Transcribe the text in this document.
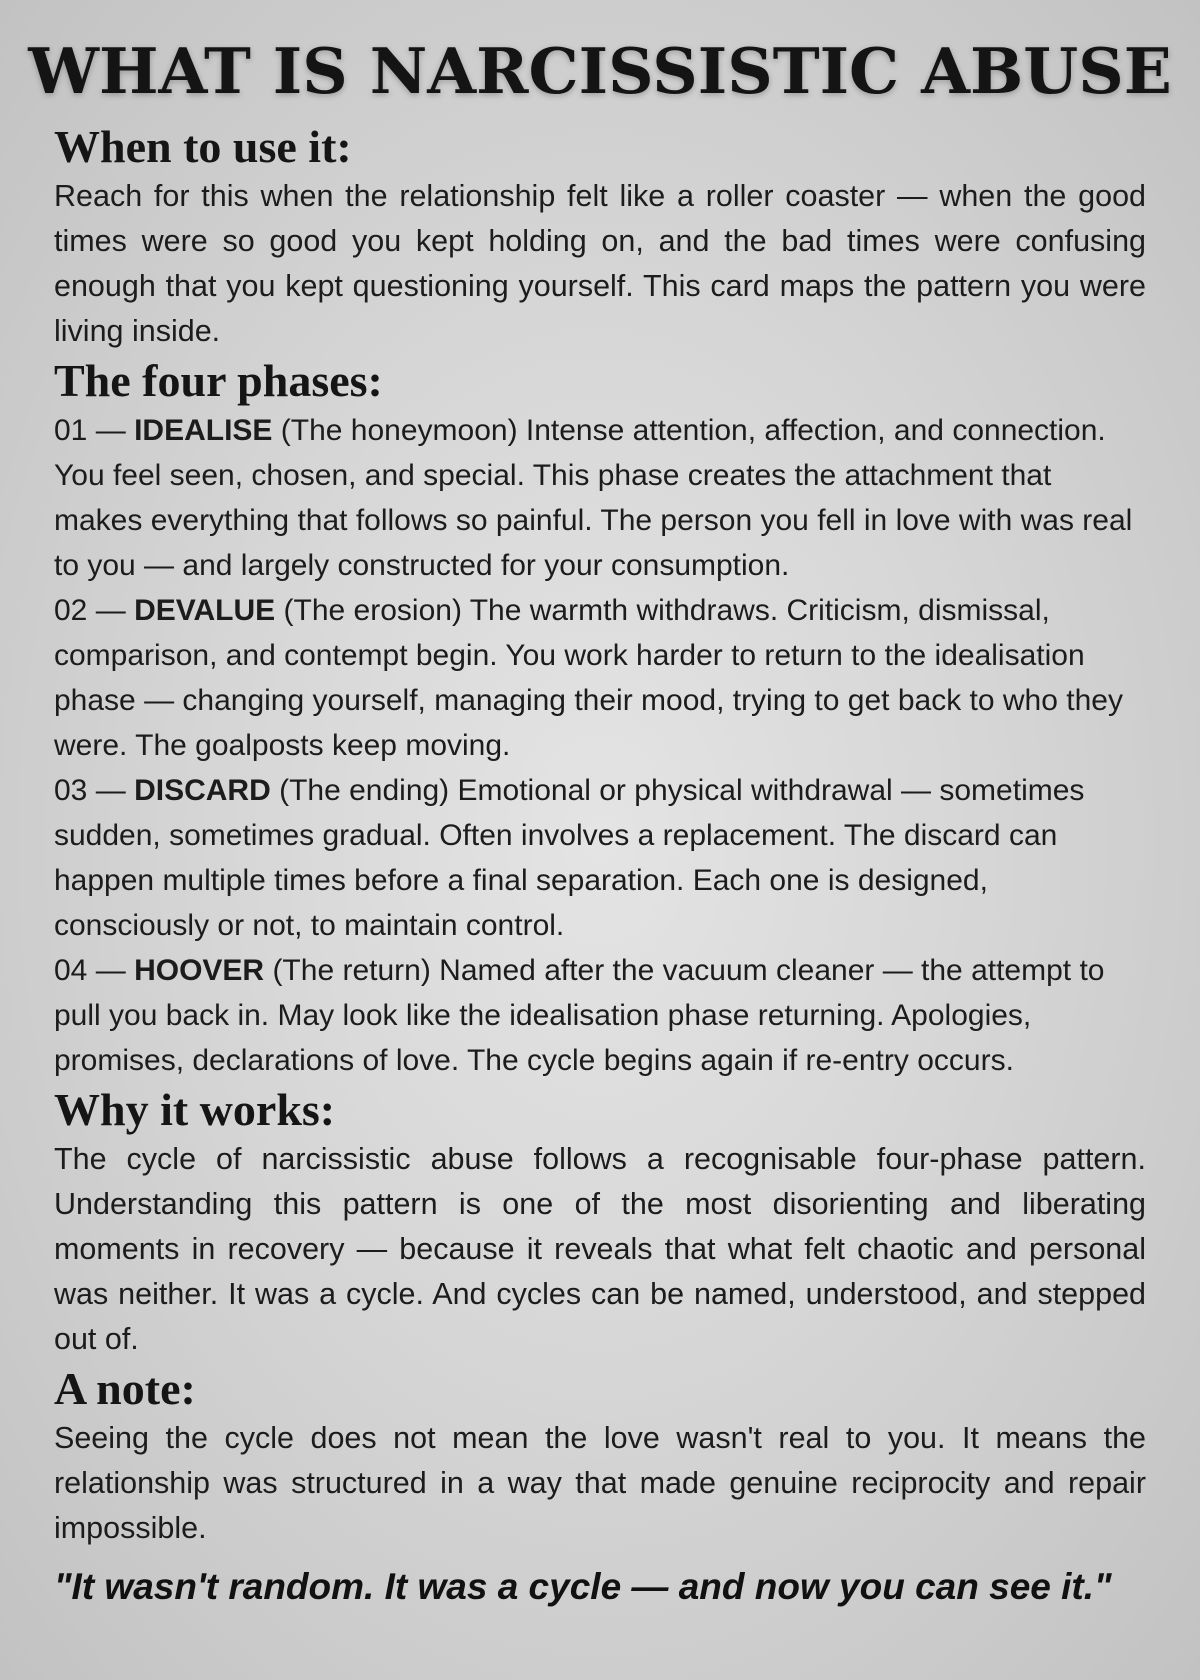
WHAT IS NARCISSISTIC ABUSE
When to use it:

Reach for this when the relationship felt like a roller coaster — when the good times were so good you kept holding on, and the bad times were confusing enough that you kept questioning yourself. This card maps the pattern you were living inside.

The four phases:

01 — IDEALISE (The honeymoon) Intense attention, affection, and connection. You feel seen, chosen, and special. This phase creates the attachment that makes everything that follows so painful. The person you fell in love with was real to you — and largely constructed for your consumption.

02 — DEVALUE (The erosion) The warmth withdraws. Criticism, dismissal, comparison, and contempt begin. You work harder to return to the idealisation phase — changing yourself, managing their mood, trying to get back to who they were. The goalposts keep moving.

03 — DISCARD (The ending) Emotional or physical withdrawal — sometimes sudden, sometimes gradual. Often involves a replacement. The discard can happen multiple times before a final separation. Each one is designed, consciously or not, to maintain control.

04 — HOOVER (The return) Named after the vacuum cleaner — the attempt to pull you back in. May look like the idealisation phase returning. Apologies, promises, declarations of love. The cycle begins again if re-entry occurs.

Why it works:

The cycle of narcissistic abuse follows a recognisable four-phase pattern. Understanding this pattern is one of the most disorienting and liberating moments in recovery — because it reveals that what felt chaotic and personal was neither. It was a cycle. And cycles can be named, understood, and stepped out of.

A note:

Seeing the cycle does not mean the love wasn't real to you. It means the relationship was structured in a way that made genuine reciprocity and repair impossible.

"It wasn't random. It was a cycle — and now you can see it."
